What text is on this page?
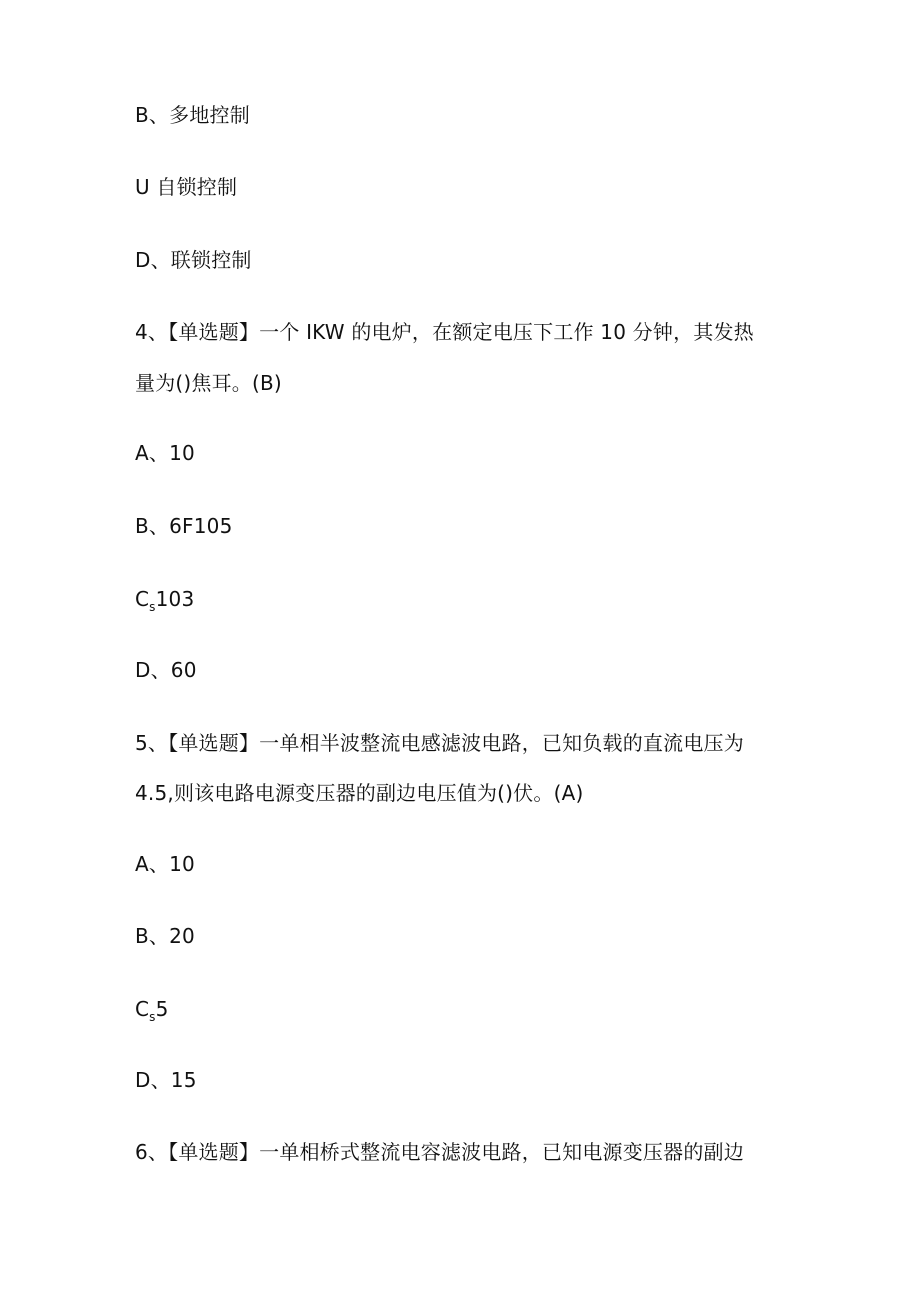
B、多地控制
U 自锁控制
D、联锁控制
4、【单选题】一个 IKW 的电炉，在额定电压下工作 10 分钟，其发热
量为()焦耳。(B)
A、10
B、6F105
$C_s103$
D、60
5、【单选题】一单相半波整流电感滤波电路，已知负载的直流电压为
4.5,则该电路电源变压器的副边电压值为()伏。(A)
A、10
B、20
$C_s5$
D、15
6、【单选题】一单相桥式整流电容滤波电路，已知电源变压器的副边
